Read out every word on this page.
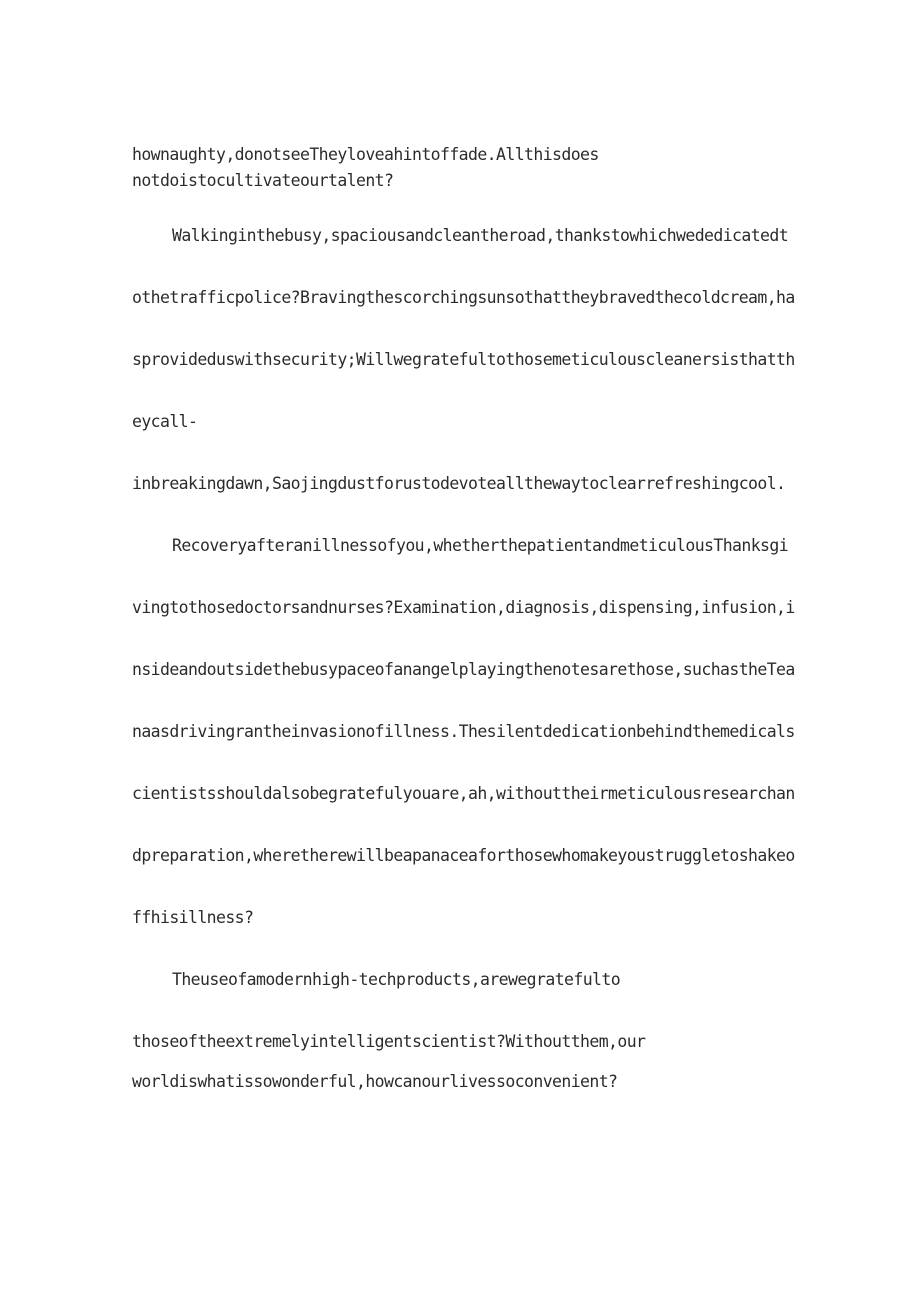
hownaughty,donotseeTheyloveahintoffade.Allthisdoes

notdoistocultivateourtalent?

Walkinginthebusy,spaciousandcleantheroad,thankstowhichwededicatedt

othetrafficpolice?Bravingthescorchingsunsothattheybravedthecoldcream,ha

sprovideduswithsecurity;Willwegratefultothosemeticulouscleanersisthatth

eycall-

inbreakingdawn,Saojingdustforustodevoteallthewaytoclearrefreshingcool.

Recoveryafteranillnessofyou,whetherthepatientandmeticulousThanksgi

vingtothosedoctorsandnurses?Examination,diagnosis,dispensing,infusion,i

nsideandoutsidethebusypaceofanangelplayingthenotesarethose,suchastheTea

naasdrivingrantheinvasionofillness.Thesilentdedicationbehindthemedicals

cientistsshouldalsobegratefulyouare,ah,withouttheirmeticulousresearchan

dpreparation,wheretherewillbeapanaceaforthosewhomakeyoustruggletoshakeo

ffhisillness?

Theuseofamodernhigh-techproducts,arewegratefulto

thoseoftheextremelyintelligentscientist?Withoutthem,our

worldiswhatissowonderful,howcanourlivessoconvenient?
